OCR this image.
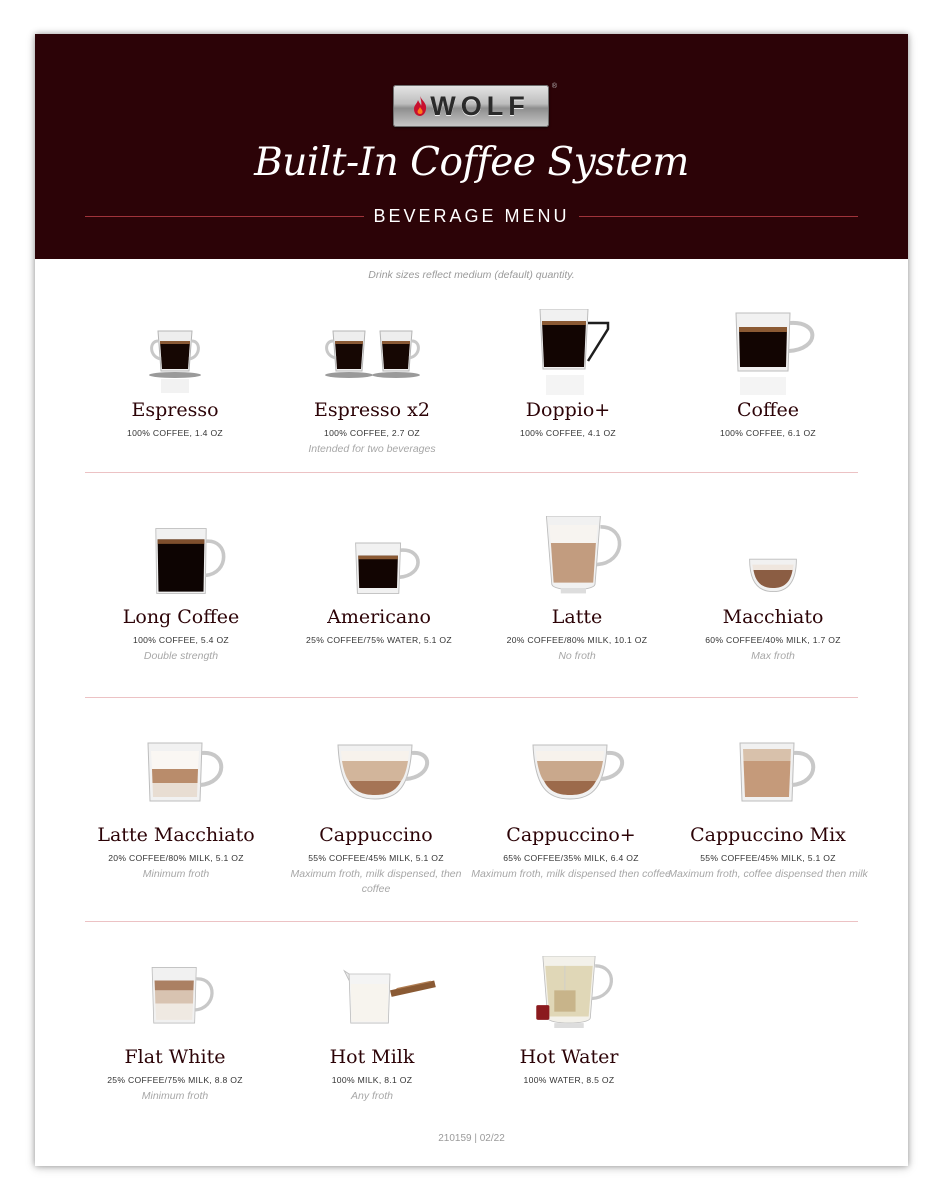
WOLF
®
Built-In Coffee System
BEVERAGE MENU
Drink sizes reflect medium (default) quantity.
Espresso
100% COFFEE, 1.4 OZ
Espresso x2
100% COFFEE, 2.7 OZ
Intended for two beverages
Doppio+
100% COFFEE, 4.1 OZ
Coffee
100% COFFEE, 6.1 OZ
Long Coffee
100% COFFEE, 5.4 OZ
Double strength
Americano
25% COFFEE/75% WATER, 5.1 OZ
Latte
20% COFFEE/80% MILK, 10.1 OZ
No froth
Macchiato
60% COFFEE/40% MILK, 1.7 OZ
Max froth
Latte Macchiato
20% COFFEE/80% MILK, 5.1 OZ
Minimum froth
Cappuccino
55% COFFEE/45% MILK, 5.1 OZ
Maximum froth, milk dispensed, then coffee
Cappuccino+
65% COFFEE/35% MILK, 6.4 OZ
Maximum froth, milk dispensed then coffee
Cappuccino Mix
55% COFFEE/45% MILK, 5.1 OZ
Maximum froth, coffee dispensed then milk
Flat White
25% COFFEE/75% MILK, 8.8 OZ
Minimum froth
Hot Milk
100% MILK, 8.1 OZ
Any froth
Hot Water
100% WATER, 8.5 OZ
210159 | 02/22
